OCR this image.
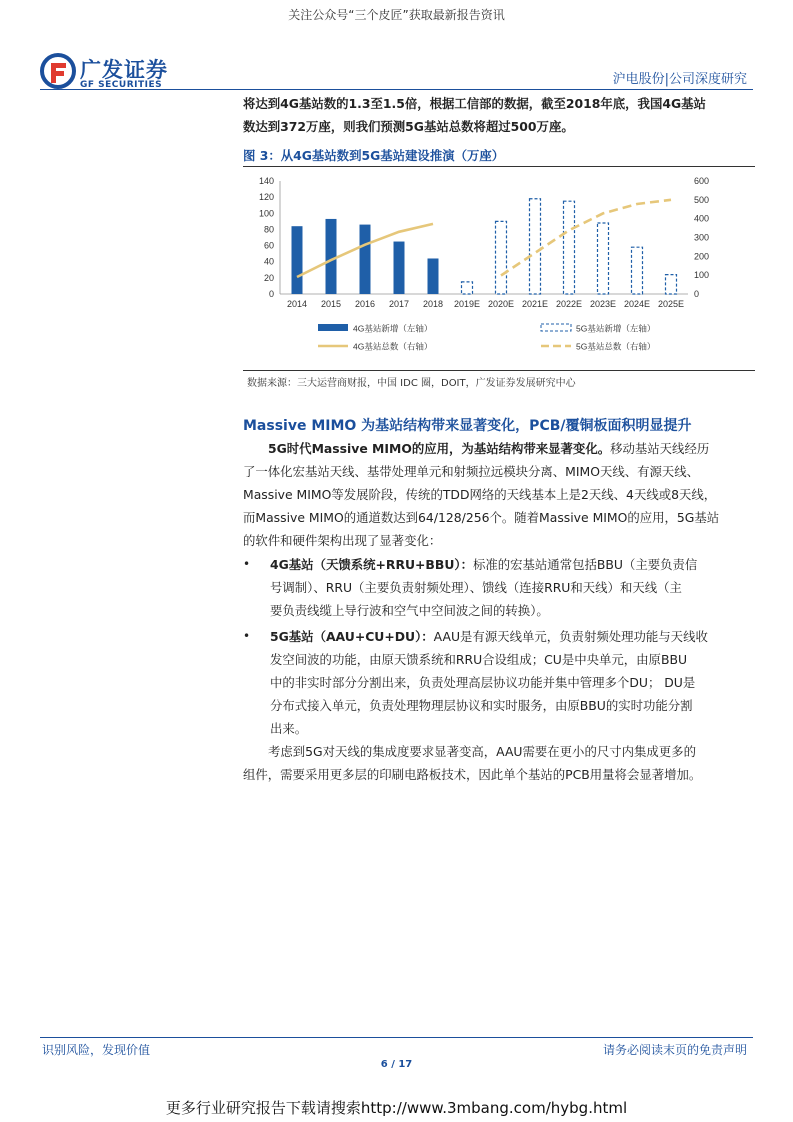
关注公众号“三个皮匠”获取最新报告资讯
广发证券
GF SECURITIES	沪电股份|公司深度研究
将达到4G基站数的1.3至1.5倍，根据工信部的数据，截至2018年底，我国4G基站
数达到372万座，则我们预测5G基站总数将超过500万座。
图 3：从4G基站数到5G基站建设推演（万座）
0
20
40
60
80
100
120
140
0
100
200
300
400
500
600
2014 2015 2016 2017 2018 2019E 2020E 2021E 2022E 2023E 2024E 2025E
4G基站新增（左轴）	5G基站新增（左轴）
4G基站总数（右轴）	5G基站总数（右轴）
数据来源：三大运营商财报，中国 IDC 圈，DOIT，广发证券发展研究中心
Massive MIMO 为基站结构带来显著变化，PCB/覆铜板面积明显提升
5G时代Massive MIMO的应用，为基站结构带来显著变化。移动基站天线经历
了一体化宏基站天线、基带处理单元和射频拉远模块分离、MIMO天线、有源天线、
Massive MIMO等发展阶段，传统的TDD网络的天线基本上是2天线、4天线或8天线，
而Massive MIMO的通道数达到64/128/256个。随着Massive MIMO的应用，5G基站
的软件和硬件架构出现了显著变化：
• 4G基站（天馈系统+RRU+BBU）：标准的宏基站通常包括BBU（主要负责信
号调制）、RRU（主要负责射频处理）、馈线（连接RRU和天线）和天线（主
要负责线缆上导行波和空气中空间波之间的转换）。
• 5G基站（AAU+CU+DU）：AAU是有源天线单元，负责射频处理功能与天线收
发空间波的功能，由原天馈系统和RRU合设组成；CU是中央单元，由原BBU
中的非实时部分分割出来，负责处理高层协议功能并集中管理多个DU； DU是
分布式接入单元，负责处理物理层协议和实时服务，由原BBU的实时功能分割
出来。
考虑到5G对天线的集成度要求显著变高，AAU需要在更小的尺寸内集成更多的
组件，需要采用更多层的印刷电路板技术，因此单个基站的PCB用量将会显著增加。
识别风险，发现价值	请务必阅读末页的免责声明
6 / 17
更多行业研究报告下载请搜索http://www.3mbang.com/hybg.html
